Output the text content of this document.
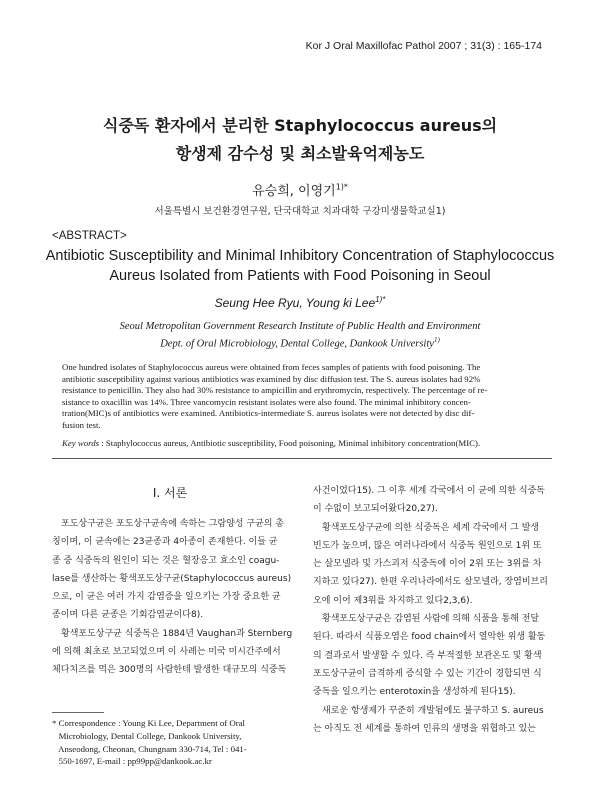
Kor J Oral Maxillofac Pathol 2007 ; 31(3) : 165-174
식중독 환자에서 분리한 Staphylococcus aureus의
항생제 감수성 및 최소발육억제농도
유승희, 이영기$^{1)*}$
서울특별시 보건환경연구원, 단국대학교 치과대학 구강미생물학교실1)
<ABSTRACT>
Antibiotic Susceptibility and Minimal Inhibitory Concentration of Staphylococcus
Aureus Isolated from Patients with Food Poisoning in Seoul
Seung Hee Ryu, Young ki Lee$^{1)*}$
Seoul Metropolitan Government Research Institute of Public Health and Environment
Dept. of Oral Microbiology, Dental College, Dankook University$^{1)}$
One hundred isolates of Staphylococcus aureus were obtained from feces samples of patients with food poisoning. The
antibiotic susceptibility against various antibiotics was examined by disc diffusion test. The S. aureus isolates had 92%
resistance to penicillin. They also had 30% resistance to ampicillin and erythromycin, respectively. The percentage of re-
sistance to oxacillin was 14%. Three vancomycin resistant isolates were also found. The minimal inhibitory concen-
tration(MIC)s of antibiotics were examined. Antibiotics-intermediate S. aureus isolates were not detected by disc dif-
fusion test.
Key words : Staphylococcus aureus, Antibiotic susceptibility, Food poisoning, Minimal inhibitory concentration(MIC).
I. 서론
포도상구균은 포도상구균속에 속하는 그람양성 구균의 총
칭이며, 이 균속에는 23균종과 4아종이 존재한다. 이들 균
종 중 식중독의 원인이 되는 것은 혈장응고 효소인 coagu-
lase를 생산하는 황색포도상구균(Staphylococcus aureus)
으로, 이 균은 여러 가지 감염증을 일으키는 가장 중요한 균
종이며 다른 균종은 기회감염균이다8).
황색포도상구균 식중독은 1884년 Vaughan과 Sternberg
에 의해 최초로 보고되었으며 이 사례는 미국 미시간주에서
체다치즈를 먹은 300명의 사람한테 발생한 대규모의 식중독
사건이었다15). 그 이후 세계 각국에서 이 균에 의한 식중독
이 수없이 보고되어왔다20,27).
황색포도상구균에 의한 식중독은 세계 각국에서 그 발생
빈도가 높으며, 많은 여러나라에서 식중독 원인으로 1위 또
는 살모넬라 및 가스괴저 식중독에 이어 2위 또는 3위를 차
지하고 있다27). 한편 우리나라에서도 살모넬라, 장염비브리
오에 이어 제3위를 차지하고 있다2,3,6).
황색포도상구균은 감염된 사람에 의해 식품을 통해 전달
된다. 따라서 식품오염은 food chain에서 열악한 위생 활동
의 결과로서 발생할 수 있다. 즉 부적절한 보관온도 및 황색
포도상구균이 급격하게 증식할 수 있는 기간이 경합되면 식
중독을 일으키는 enterotoxin을 생성하게 된다15).
새로운 항생제가 꾸준히 개발됨에도 불구하고 S. aureus
는 아직도 전 세계를 통하여 인류의 생명을 위협하고 있는
* Correspondence : Young Ki Lee, Department of Oral
Microbiology, Dental College, Dankook University,
Anseodong, Cheonan, Chungnam 330-714, Tel : 041-
550-1697, E-mail : pp99pp@dankook.ac.kr
